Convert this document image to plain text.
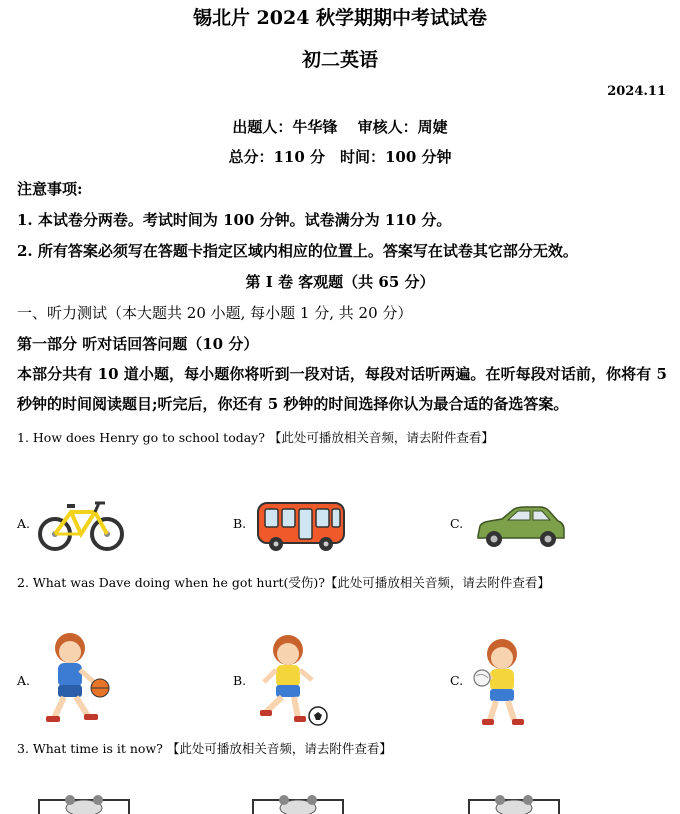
锡北片 2024 秋学期期中考试试卷
初二英语
2024.11
出题人：牛华锋　 审核人：周婕
总分：110 分　时间：100 分钟
注意事项:
1. 本试卷分两卷。考试时间为 100 分钟。试卷满分为 110 分。
2. 所有答案必须写在答题卡指定区域内相应的位置上。答案写在试卷其它部分无效。
第 I 卷 客观题（共 65 分）
一、听力测试（本大题共 20 小题, 每小题 1 分, 共 20 分）
第一部分 听对话回答问题（10 分）
本部分共有 10 道小题，每小题你将听到一段对话，每段对话听两遍。在听每段对话前，你将有 5 秒钟的时间阅读题目;听完后，你还有 5 秒钟的时间选择你认为最合适的备选答案。
1. How does Henry go to school today? 【此处可播放相关音频，请去附件查看】
A.	B.	C.
2. What was Dave doing when he got hurt(受伤)?【此处可播放相关音频，请去附件查看】
A.	B.	C.
3. What time is it now? 【此处可播放相关音频，请去附件查看】
